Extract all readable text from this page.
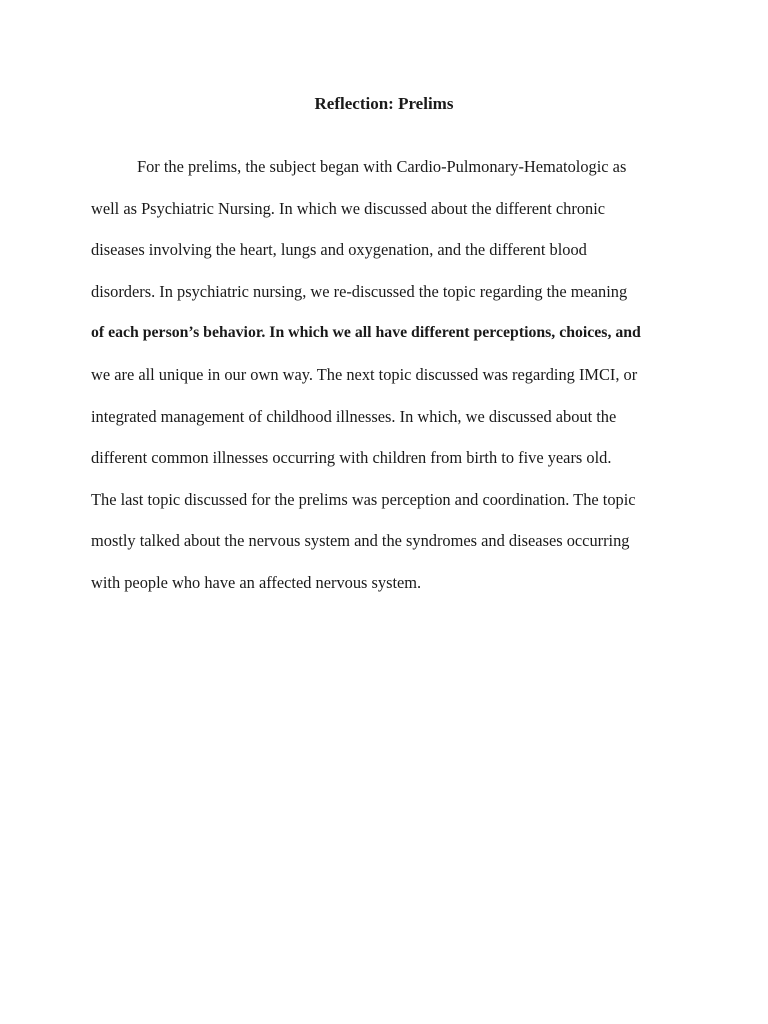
Reflection: Prelims
For the prelims, the subject began with Cardio-Pulmonary-Hematologic as
well as Psychiatric Nursing. In which we discussed about the different chronic
diseases involving the heart, lungs and oxygenation, and the different blood
disorders. In psychiatric nursing, we re-discussed the topic regarding the meaning
of each person’s behavior. In which we all have different perceptions, choices, and
we are all unique in our own way. The next topic discussed was regarding IMCI, or
integrated management of childhood illnesses. In which, we discussed about the
different common illnesses occurring with children from birth to five years old.
The last topic discussed for the prelims was perception and coordination. The topic
mostly talked about the nervous system and the syndromes and diseases occurring
with people who have an affected nervous system.
